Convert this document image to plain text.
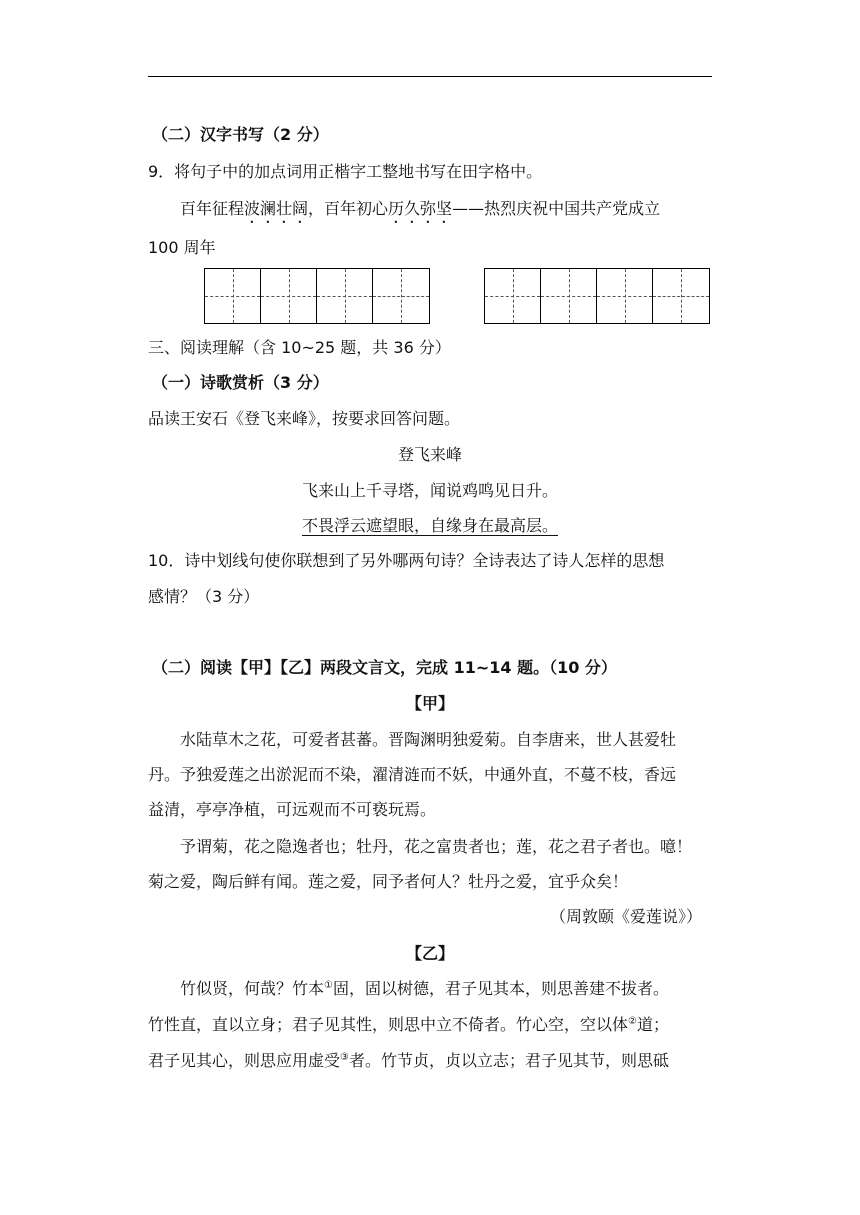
（二）汉字书写（2 分）
9．将句子中的加点词用正楷字工整地书写在田字格中。
百年征程波澜壮阔，百年初心历久弥坚——热烈庆祝中国共产党成立
100 周年
三、阅读理解（含 10~25 题，共 36 分）
（一）诗歌赏析（3 分）
品读王安石《登飞来峰》，按要求回答问题。
登飞来峰
飞来山上千寻塔，闻说鸡鸣见日升。
不畏浮云遮望眼，自缘身在最高层。
10．诗中划线句使你联想到了另外哪两句诗？全诗表达了诗人怎样的思想
感情？（3 分）
（二）阅读【甲】【乙】两段文言文，完成 11~14 题。（10 分）
【甲】
水陆草木之花，可爱者甚蕃。晋陶渊明独爱菊。自李唐来，世人甚爱牡
丹。予独爱莲之出淤泥而不染，濯清涟而不妖，中通外直，不蔓不枝，香远
益清，亭亭净植，可远观而不可亵玩焉。
予谓菊，花之隐逸者也；牡丹，花之富贵者也；莲，花之君子者也。噫！
菊之爱，陶后鲜有闻。莲之爱，同予者何人？牡丹之爱，宜乎众矣！
（周敦颐《爱莲说》）
【乙】
竹似贤，何哉？竹本①固，固以树德，君子见其本，则思善建不拔者。
竹性直，直以立身；君子见其性，则思中立不倚者。竹心空，空以体②道；
君子见其心，则思应用虚受③者。竹节贞，贞以立志；君子见其节，则思砥
